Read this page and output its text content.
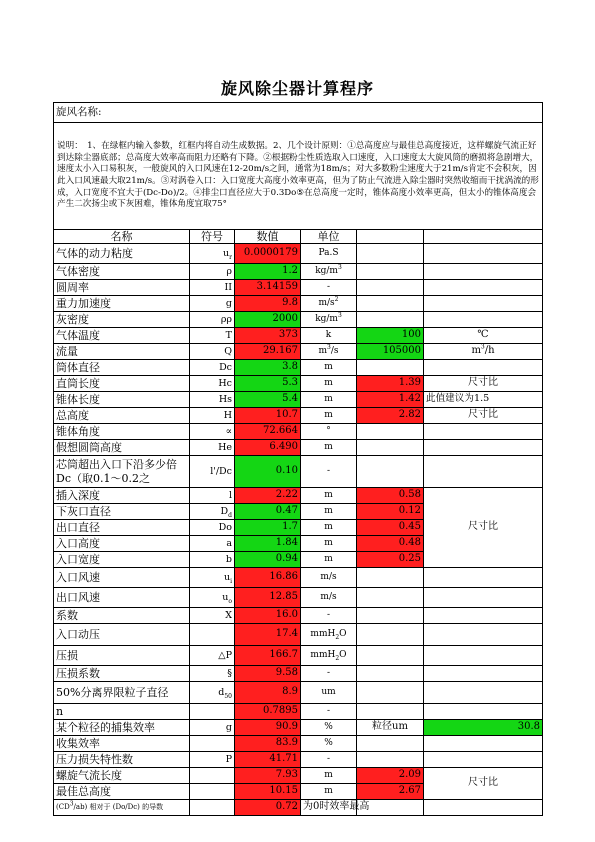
旋风除尘器计算程序
旋风名称:					
说明：　1、在绿框内输入参数，红框内将自动生成数据。2、几个设计原则：①总高度应与最佳总高度接近，这样螺旋气流正好到达除尘器底部；总高度大效率高而阻力还略有下降。②根据粉尘性质选取入口速度，入口速度太大旋风筒的磨损将急剧增大，速度太小入口易积灰，一般旋风的入口风速在12-20m/s之间，通常为18m/s；对大多数粉尘速度大于21m/s肯定不会积灰，因此入口风速最大取21m/s。③对涡卷入口：入口宽度大高度小效率更高，但为了防止气流进入除尘器时突然收缩而干扰涡流的形成，入口宽度不宜大于(Dc-Do)/2。④排尘口直径应大于0.3Do⑤在总高度一定时，锥体高度小效率更高，但太小的锥体高度会产生二次扬尘或下灰困难，锥体角度宜取75°					
名称	符号	数值	单位		
气体的动力粘度	$u_r$	0.0000179	Pa.S		
气体密度	ρ	1.2	$kg/m^3$		
圆周率	II	3.14159	-		
重力加速度	g	9.8	$m/s^2$		
灰密度	ρρ	2000	$kg/m^3$		
气体温度	T	373	k	100	℃
流量	Q	29.167	$m^3/s$	105000	$m^3/h$
筒体直径	Dc	3.8	m		
直筒长度	Hc	5.3	m	1.39	尺寸比
锥体长度	Hs	5.4	m	1.42	此值建议为1.5
总高度	H	10.7	m	2.82	尺寸比
锥体角度	∝	72.664	°		
假想圆筒高度	He	6.490	m		
芯筒超出入口下沿多少倍Dc（取0.1～0.2之	l'/Dc	0.10	-		
插入深度	l	2.22	m	0.58	尺寸比
下灰口直径	$D_d$	0.47	m	0.12	
出口直径	Do	1.7	m	0.45	
入口高度	a	1.84	m	0.48	
入口宽度	b	0.94	m	0.25	
入口风速	$u_i$	16.86	m/s		
出口风速	$u_o$	12.85	m/s		
系数	X	16.0	-		
入口动压		17.4	mmH$_2$O		
压损	△P	166.7	mmH$_2$O		
压损系数	§	9.58	-		
50%分离界限粒子直径	$d_{50}$	8.9	um		
n		0.7895	-		
某个粒径的捕集效率	g	90.9	%	粒径um	30.8
收集效率		83.9	%		
压力损失特性数	P	41.71	-		
螺旋气流长度		7.93	m	2.09	尺寸比
最佳总高度		10.15	m	2.67	
$(CD^3/ab)$ 相对于 (Do/Dc) 的导数		0.72	为0时效率最高		
